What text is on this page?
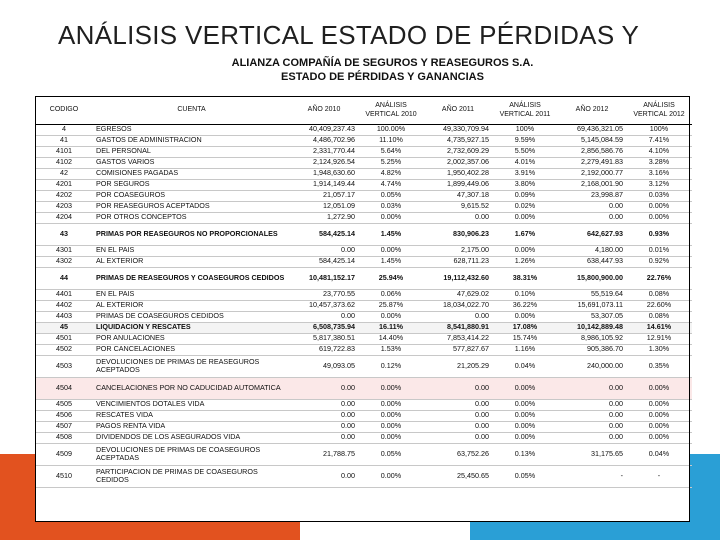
ANÁLISIS VERTICAL ESTADO DE PÉRDIDAS Y
ALIANZA COMPAÑÍA DE SEGUROS Y REASEGUROS S.A.
ESTADO DE PÉRDIDAS Y GANANCIAS
CODIGO	CUENTA	AÑO 2010	ANÁLISIS VERTICAL 2010	AÑO 2011	ANÁLISIS VERTICAL 2011	AÑO 2012	ANÁLISIS VERTICAL 2012
4	EGRESOS	40,409,237.43	100.00%	49,330,709.94	100%	69,436,321.05	100%
41	GASTOS DE ADMINISTRACION	4,486,702.96	11.10%	4,735,927.15	9.59%	5,145,084.59	7.41%
4101	DEL PERSONAL	2,331,770.44	5.64%	2,732,609.29	5.50%	2,856,586.76	4.10%
4102	GASTOS VARIOS	2,124,926.54	5.25%	2,002,357.06	4.01%	2,279,491.83	3.28%
42	COMISIONES PAGADAS	1,948,630.60	4.82%	1,950,402.28	3.91%	2,192,000.77	3.16%
4201	POR SEGUROS	1,914,149.44	4.74%	1,899,449.06	3.80%	2,168,001.90	3.12%
4202	POR COASEGUROS	21,057.17	0.05%	47,307.18	0.09%	23,998.87	0.03%
4203	POR REASEGUROS ACEPTADOS	12,051.09	0.03%	9,615.52	0.02%	0.00	0.00%
4204	POR OTROS CONCEPTOS	1,272.90	0.00%	0.00	0.00%	0.00	0.00%
43	PRIMAS POR REASEGUROS NO PROPORCIONALES	584,425.14	1.45%	830,906.23	1.67%	642,627.93	0.93%
4301	EN EL PAIS	0.00	0.00%	2,175.00	0.00%	4,180.00	0.01%
4302	AL EXTERIOR	584,425.14	1.45%	628,711.23	1.26%	638,447.93	0.92%
44	PRIMAS DE REASEGUROS Y COASEGUROS CEDIDOS	10,481,152.17	25.94%	19,112,432.60	38.31%	15,800,900.00	22.76%
4401	EN EL PAIS	23,770.55	0.06%	47,629.02	0.10%	55,519.64	0.08%
4402	AL EXTERIOR	10,457,373.62	25.87%	18,034,022.70	36.22%	15,691,073.11	22.60%
4403	PRIMAS DE COASEGUROS CEDIDOS	0.00	0.00%	0.00	0.00%	53,307.05	0.08%
45	LIQUIDACION Y RESCATES	6,508,735.94	16.11%	8,541,880.91	17.08%	10,142,889.48	14.61%
4501	POR ANULACIONES	5,817,380.51	14.40%	7,853,414.22	15.74%	8,986,105.92	12.91%
4502	POR CANCELACIONES	619,722.83	1.53%	577,827.67	1.16%	905,386.70	1.30%
4503	DEVOLUCIONES DE PRIMAS DE REASEGUROS ACEPTADOS	49,093.05	0.12%	21,205.29	0.04%	240,000.00	0.35%
4504	CANCELACIONES POR NO CADUCIDAD AUTOMATICA	0.00	0.00%	0.00	0.00%	0.00	0.00%
4505	VENCIMIENTOS DOTALES VIDA	0.00	0.00%	0.00	0.00%	0.00	0.00%
4506	RESCATES VIDA	0.00	0.00%	0.00	0.00%	0.00	0.00%
4507	PAGOS RENTA VIDA	0.00	0.00%	0.00	0.00%	0.00	0.00%
4508	DIVIDENDOS DE LOS ASEGURADOS VIDA	0.00	0.00%	0.00	0.00%	0.00	0.00%
4509	DEVOLUCIONES DE PRIMAS DE COASEGUROS ACEPTADAS	21,788.75	0.05%	63,752.26	0.13%	31,175.65	0.04%
4510	PARTICIPACION DE PRIMAS DE COASEGUROS CEDIDOS	0.00	0.00%	25,450.65	0.05%	-	-
